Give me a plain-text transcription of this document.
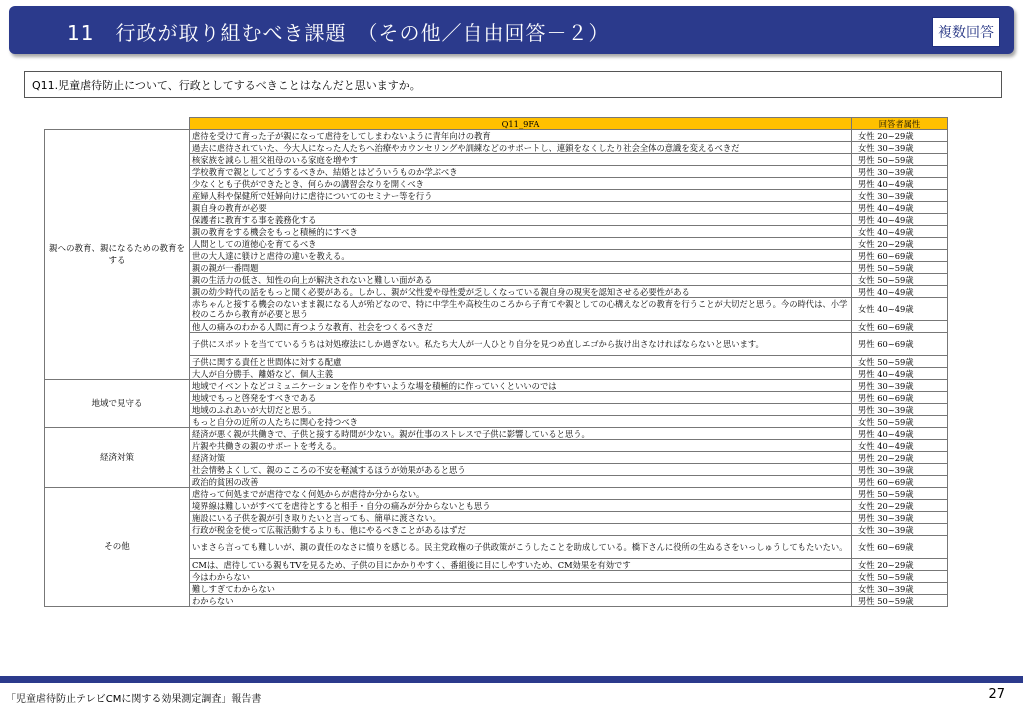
11　行政が取り組むべき課題　（その他／自由回答－２）	複数回答
Q11.児童虐待防止について、行政としてするべきことはなんだと思いますか。
	Q11_9FA	回答者属性
親への教育、親になるための教育をする	虐待を受けて育った子が親になって虐待をしてしまわないように青年向けの教育	女性 20~29歳
	過去に虐待されていた、今大人になった人たちへ治療やカウンセリングや訓練などのサポートし、連鎖をなくしたり社会全体の意識を変えるべきだ	女性 30~39歳
	核家族を減らし祖父祖母のいる家庭を増やす	男性 50~59歳
	学校教育で親としてどうするべきか、結婚とはどういうものか学ぶべき	男性 30~39歳
	少なくとも子供ができたとき、何らかの講習会なりを開くべき	男性 40~49歳
	産婦人科や保健所で妊婦向けに虐待についてのセミナー等を行う	女性 30~39歳
	親自身の教育が必要	男性 40~49歳
	保護者に教育する事を義務化する	男性 40~49歳
	親の教育をする機会をもっと積極的にすべき	女性 40~49歳
	人間としての道徳心を育てるべき	女性 20~29歳
	世の大人達に躾けと虐待の違いを教える。	男性 60~69歳
	親の親が一番問題	男性 50~59歳
	親の生活力の低さ、知性の向上が解決されないと難しい面がある	女性 50~59歳
	親の幼少時代の話をもっと聞く必要がある。しかし、親が父性愛や母性愛が乏しくなっている親自身の現実を認知させる必要性がある	男性 40~49歳
	赤ちゃんと接する機会のないまま親になる人が殆どなので、特に中学生や高校生のころから子育てや親としての心構えなどの教育を行うことが大切だと思う。今の時代は、小学校のころから教育が必要と思う	女性 40~49歳
	他人の痛みのわかる人間に育つような教育、社会をつくるべきだ	女性 60~69歳
	子供にスポットを当てているうちは対処療法にしか過ぎない。私たち大人が一人ひとり自分を見つめ直しエゴから抜け出さなければならないと思います。	男性 60~69歳
	子供に関する責任と世間体に対する配慮	女性 50~59歳
	大人が自分勝手、離婚など、個人主義	男性 40~49歳
地域で見守る	地域でイベントなどコミュニケーションを作りやすいような場を積極的に作っていくといいのでは	男性 30~39歳
	地域でもっと啓発をすべきである	男性 60~69歳
	地域のふれあいが大切だと思う。	男性 30~39歳
	もっと自分の近所の人たちに関心を持つべき	女性 50~59歳
経済対策	経済が悪く親が共働きで、子供と接する時間が少ない。親が仕事のストレスで子供に影響していると思う。	男性 40~49歳
	片親や共働きの親のサポートを考える。	女性 40~49歳
	経済対策	男性 20~29歳
	社会情勢よくして、親のこころの不安を軽減するほうが効果があると思う	男性 30~39歳
	政治的貧困の改善	男性 60~69歳
その他	虐待って何処までが虐待でなく何処からが虐待か分からない。	男性 50~59歳
	境界線は難しいがすべてを虐待とすると相手・自分の痛みが分からないとも思う	女性 20~29歳
	施設にいる子供を親が引き取りたいと言っても、簡単に渡さない。	男性 30~39歳
	行政が税金を使って広報活動するよりも、他にやるべきことがあるはずだ	女性 30~39歳
	いまさら言っても難しいが、親の責任のなさに憤りを感じる。民主党政権の子供政策がこうしたことを助成している。橋下さんに役所の生ぬるさをいっしゅうしてもたいたい。	女性 60~69歳
	CMは、虐待している親もTVを見るため、子供の目にかかりやすく、番組後に目にしやすいため、CM効果を有効です	女性 20~29歳
	今はわからない	女性 50~59歳
	難しすぎてわからない	女性 30~39歳
	わからない	男性 50~59歳
「児童虐待防止テレビCMに関する効果測定調査」報告書	27
